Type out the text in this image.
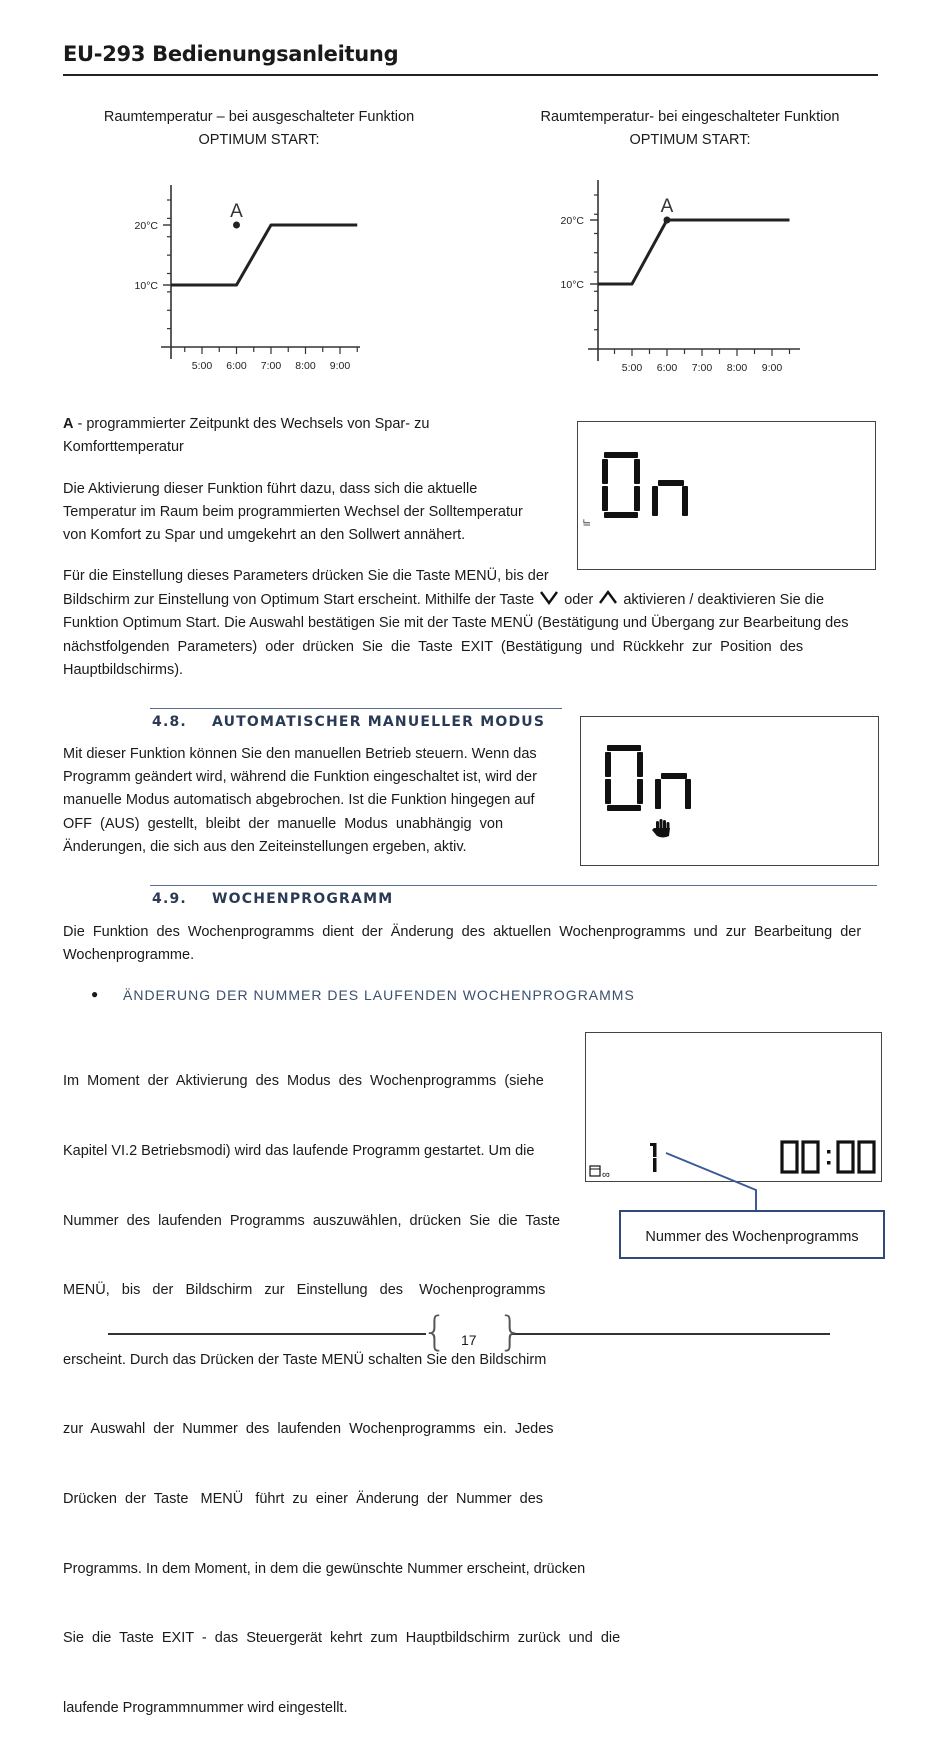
EU-293 Bedienungsanleitung
Raumtemperatur – bei ausgeschalteter Funktion
OPTIMUM START:
Raumtemperatur- bei eingeschalteter Funktion
OPTIMUM START:
10°C
20°C
5:00 6:00 7:00 8:00 9:00
A
10°C
20°C
5:00 6:00 7:00 8:00 9:00
A
A - programmierter Zeitpunkt des Wechsels von Spar- zu
Komforttemperatur
Die Aktivierung dieser Funktion führt dazu, dass sich die aktuelle
Temperatur im Raum beim programmierten Wechsel der Solltemperatur
von Komfort zu Spar und umgekehrt an den Sollwert annähert.
lΓ
Für die Einstellung dieses Parameters drücken Sie die Taste MENÜ, bis der
Bildschirm zur Einstellung von Optimum Start erscheint. Mithilfe der Taste  oder  aktivieren / deaktivieren Sie die
Funktion Optimum Start. Die Auswahl bestätigen Sie mit der Taste MENÜ (Bestätigung und Übergang zur Bearbeitung des
nächstfolgenden  Parameters)  oder  drücken  Sie  die  Taste  EXIT  (Bestätigung  und  Rückkehr  zur  Position  des
Hauptbildschirms).
4.8. AUTOMATISCHER MANUELLER MODUS
Mit dieser Funktion können Sie den manuellen Betrieb steuern. Wenn das
Programm geändert wird, während die Funktion eingeschaltet ist, wird der
manuelle Modus automatisch abgebrochen. Ist die Funktion hingegen auf
OFF  (AUS)  gestellt,  bleibt  der  manuelle  Modus  unabhängig  von
Änderungen, die sich aus den Zeiteinstellungen ergeben, aktiv.
4.9. WOCHENPROGRAMM
Die  Funktion  des  Wochenprogramms  dient  der  Änderung  des  aktuellen  Wochenprogramms  und  zur  Bearbeitung  der
Wochenprogramme.
● ÄNDERUNG DER NUMMER DES LAUFENDEN WOCHENPROGRAMMS

Im  Moment  der  Aktivierung  des  Modus  des  Wochenprogramms  (siehe

Kapitel VI.2 Betriebsmodi) wird das laufende Programm gestartet. Um die

Nummer  des  laufenden  Programms  auszuwählen,  drücken  Sie  die  Taste

MENÜ,   bis   der   Bildschirm   zur   Einstellung   des    Wochenprogramms

erscheint. Durch das Drücken der Taste MENÜ schalten Sie den Bildschirm

zur  Auswahl  der  Nummer  des  laufenden  Wochenprogramms  ein.  Jedes

Drücken  der  Taste   MENÜ   führt  zu  einer  Änderung  der  Nummer  des

Programms. In dem Moment, in dem die gewünschte Nummer erscheint, drücken

Sie  die  Taste  EXIT  -  das  Steuergerät  kehrt  zum  Hauptbildschirm  zurück  und  die

laufende Programmnummer wird eingestellt.

∞
Nummer des Wochenprogramms
{ }
17
